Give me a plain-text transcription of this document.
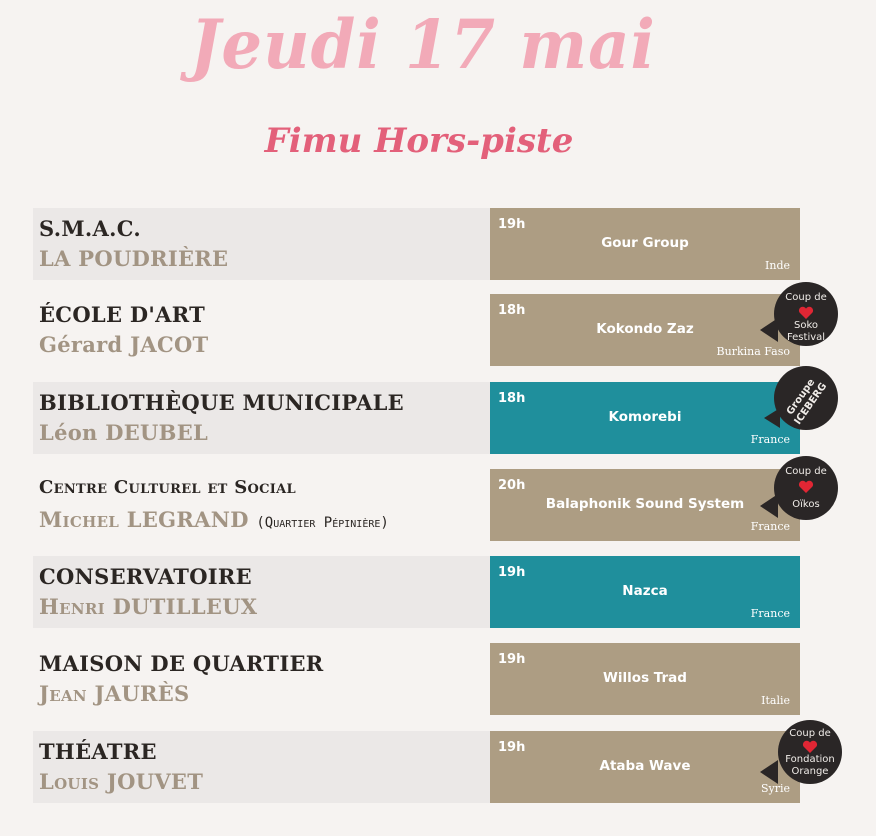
Jeudi 17 mai
Fimu Hors-piste
S.M.A.C.
LA POUDRIÈRE
19h
Gour Group
Inde
ÉCOLE D'ART
Gérard JACOT
18h
Kokondo Zaz
Burkina Faso
BIBLIOTHÈQUE MUNICIPALE
Léon DEUBEL
18h
Komorebi
France
Centre Culturel et Social
Michel LEGRAND (Quartier Pépinière)
20h
Balaphonik Sound System
France
CONSERVATOIRE
Henri DUTILLEUX
19h
Nazca
France
MAISON DE QUARTIER
Jean JAURÈS
19h
Willos Trad
Italie
THÉATRE
Louis JOUVET
19h
Ataba Wave
Syrie
Coup de
Soko Festival
Groupe ICEBERG
Coup de
Oïkos
Coup de
Fondation Orange
